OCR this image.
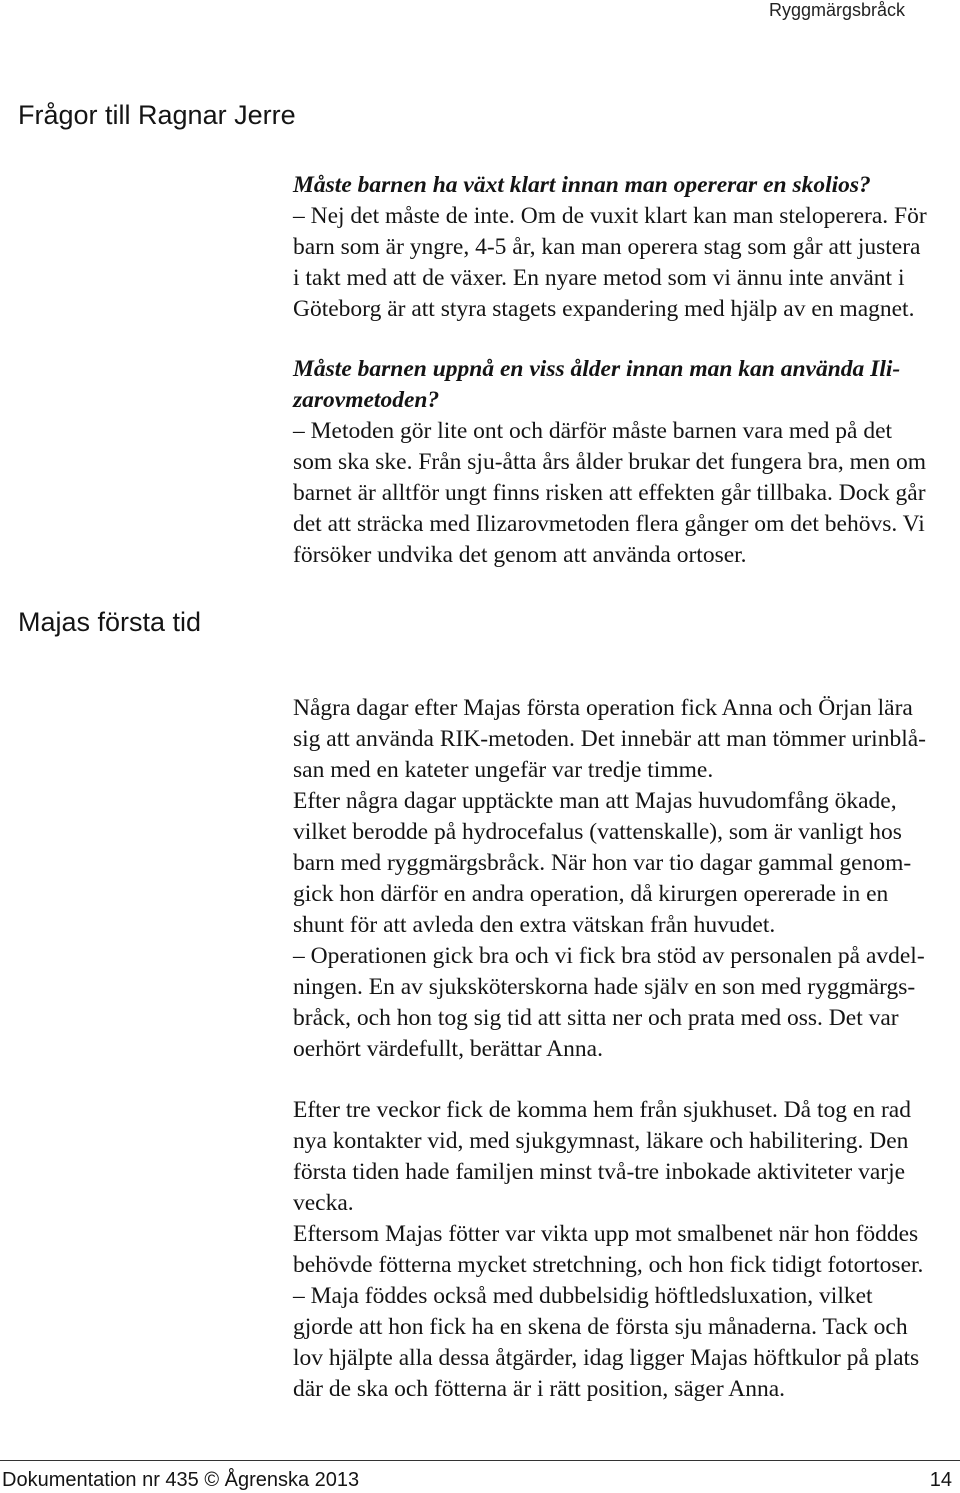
Ryggmärgsbråck
Frågor till Ragnar Jerre
Måste barnen ha växt klart innan man opererar en skolios?
– Nej det måste de inte. Om de vuxit klart kan man steloperera. För
barn som är yngre, 4-5 år, kan man operera stag som går att justera
i takt med att de växer. En nyare metod som vi ännu inte använt i
Göteborg är att styra stagets expandering med hjälp av en magnet.
Måste barnen uppnå en viss ålder innan man kan använda Ili-
zarovmetoden?
– Metoden gör lite ont och därför måste barnen vara med på det
som ska ske. Från sju-åtta års ålder brukar det fungera bra, men om
barnet är alltför ungt finns risken att effekten går tillbaka. Dock går
det att sträcka med Ilizarovmetoden flera gånger om det behövs. Vi
försöker undvika det genom att använda ortoser.
Majas första tid
Några dagar efter Majas första operation fick Anna och Örjan lära
sig att använda RIK-metoden. Det innebär att man tömmer urinblå-
san med en kateter ungefär var tredje timme.
Efter några dagar upptäckte man att Majas huvudomfång ökade,
vilket berodde på hydrocefalus (vattenskalle), som är vanligt hos
barn med ryggmärgsbråck. När hon var tio dagar gammal genom-
gick hon därför en andra operation, då kirurgen opererade in en
shunt för att avleda den extra vätskan från huvudet.
– Operationen gick bra och vi fick bra stöd av personalen på avdel-
ningen. En av sjuksköterskorna hade själv en son med ryggmärgs-
bråck, och hon tog sig tid att sitta ner och prata med oss. Det var
oerhört värdefullt, berättar Anna.
Efter tre veckor fick de komma hem från sjukhuset. Då tog en rad
nya kontakter vid, med sjukgymnast, läkare och habilitering. Den
första tiden hade familjen minst två-tre inbokade aktiviteter varje
vecka.
Eftersom Majas fötter var vikta upp mot smalbenet när hon föddes
behövde fötterna mycket stretchning, och hon fick tidigt fotortoser.
– Maja föddes också med dubbelsidig höftledsluxation, vilket
gjorde att hon fick ha en skena de första sju månaderna. Tack och
lov hjälpte alla dessa åtgärder, idag ligger Majas höftkulor på plats
där de ska och fötterna är i rätt position, säger Anna.
Dokumentation nr 435 © Ågrenska 2013	14
